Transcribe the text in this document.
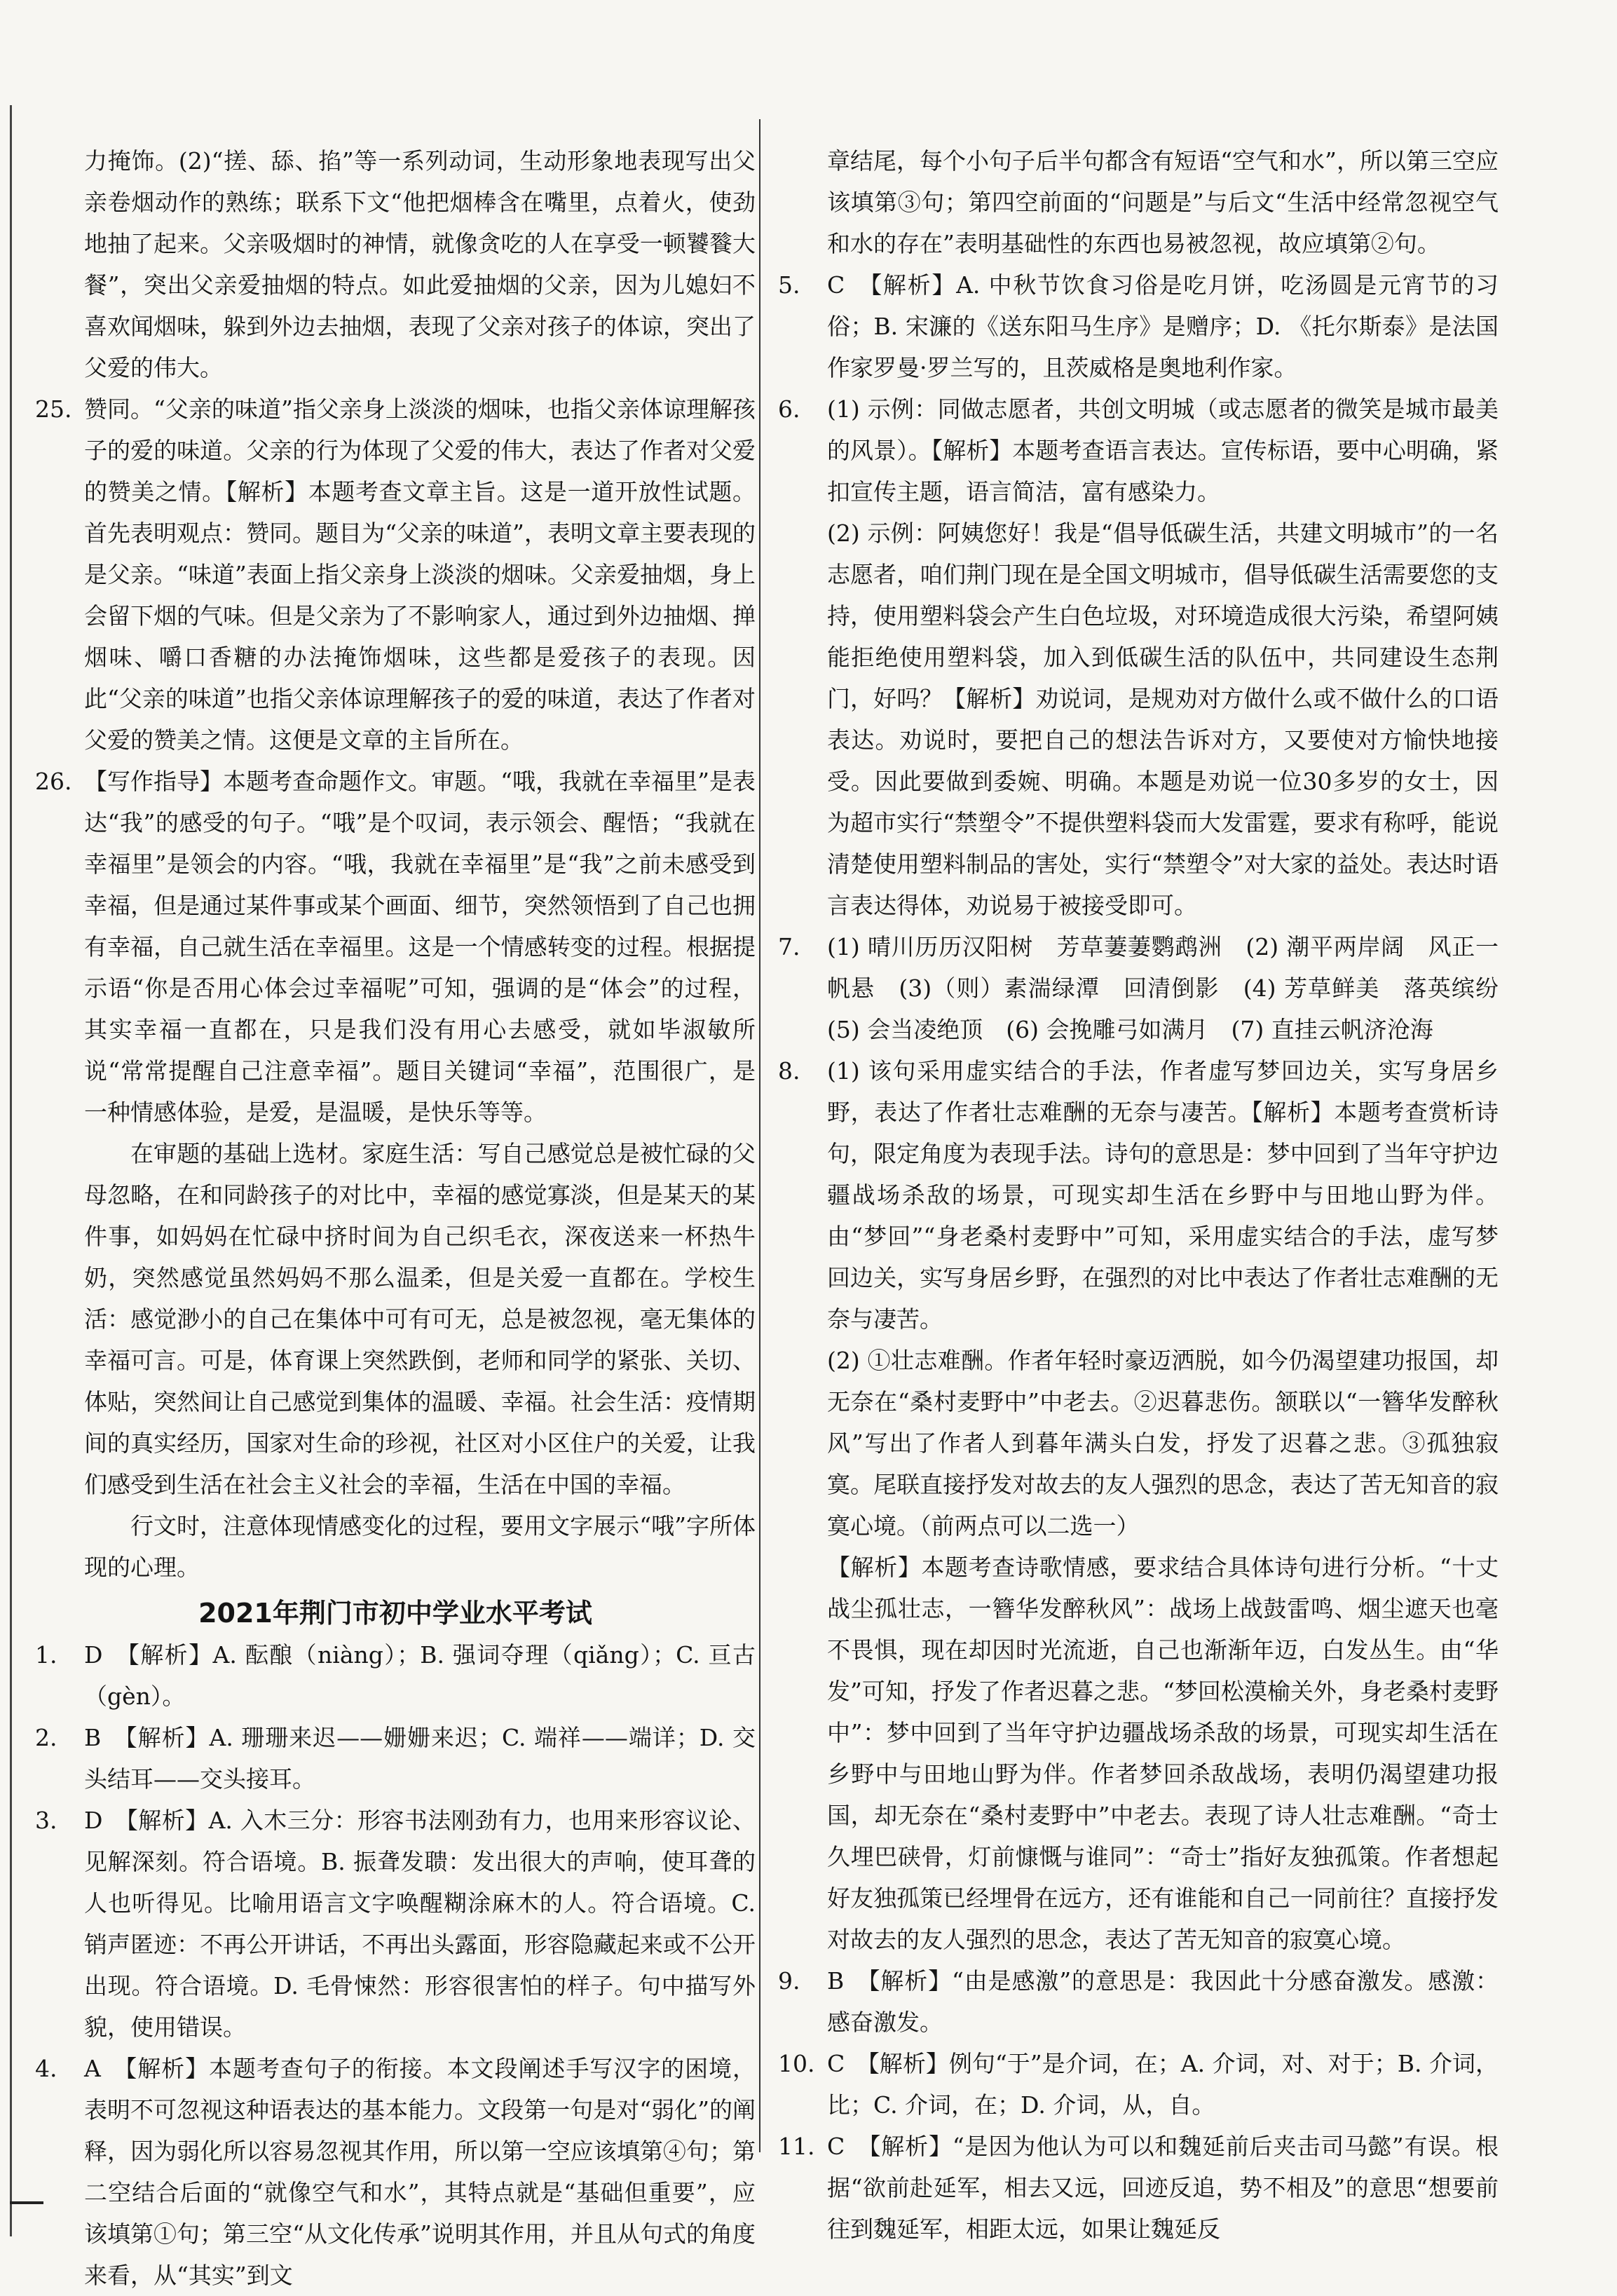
力掩饰。(2)“搓、舔、掐”等一系列动词，生动形象地表现写出父亲卷烟动作的熟练；联系下文“他把烟棒含在嘴里，点着火，使劲地抽了起来。父亲吸烟时的神情，就像贪吃的人在享受一顿饕餮大餐”，突出父亲爱抽烟的特点。如此爱抽烟的父亲，因为儿媳妇不喜欢闻烟味，躲到外边去抽烟，表现了父亲对孩子的体谅，突出了父爱的伟大。

25. 赞同。“父亲的味道”指父亲身上淡淡的烟味，也指父亲体谅理解孩子的爱的味道。父亲的行为体现了父爱的伟大，表达了作者对父爱的赞美之情。【解析】本题考查文章主旨。这是一道开放性试题。首先表明观点：赞同。题目为“父亲的味道”，表明文章主要表现的是父亲。“味道”表面上指父亲身上淡淡的烟味。父亲爱抽烟，身上会留下烟的气味。但是父亲为了不影响家人，通过到外边抽烟、掸烟味、嚼口香糖的办法掩饰烟味，这些都是爱孩子的表现。因此“父亲的味道”也指父亲体谅理解孩子的爱的味道，表达了作者对父爱的赞美之情。这便是文章的主旨所在。

26. 【写作指导】本题考查命题作文。审题。“哦，我就在幸福里”是表达“我”的感受的句子。“哦”是个叹词，表示领会、醒悟；“我就在幸福里”是领会的内容。“哦，我就在幸福里”是“我”之前未感受到幸福，但是通过某件事或某个画面、细节，突然领悟到了自己也拥有幸福，自己就生活在幸福里。这是一个情感转变的过程。根据提示语“你是否用心体会过幸福呢”可知，强调的是“体会”的过程，其实幸福一直都在，只是我们没有用心去感受，就如毕淑敏所说“常常提醒自己注意幸福”。题目关键词“幸福”，范围很广，是一种情感体验，是爱，是温暖，是快乐等等。

在审题的基础上选材。家庭生活：写自己感觉总是被忙碌的父母忽略，在和同龄孩子的对比中，幸福的感觉寡淡，但是某天的某件事，如妈妈在忙碌中挤时间为自己织毛衣，深夜送来一杯热牛奶，突然感觉虽然妈妈不那么温柔，但是关爱一直都在。学校生活：感觉渺小的自己在集体中可有可无，总是被忽视，毫无集体的幸福可言。可是，体育课上突然跌倒，老师和同学的紧张、关切、体贴，突然间让自己感觉到集体的温暖、幸福。社会生活：疫情期间的真实经历，国家对生命的珍视，社区对小区住户的关爱，让我们感受到生活在社会主义社会的幸福，生活在中国的幸福。

行文时，注意体现情感变化的过程，要用文字展示“哦”字所体现的心理。

2021年荆门市初中学业水平考试
1.	D　【解析】A. 酝酿（niàng）；B. 强词夺理（qiǎng）；C. 亘古（gèn）。

2.	B　【解析】A. 珊珊来迟——姗姗来迟；C. 端祥——端详；D. 交头结耳——交头接耳。

3.	D　【解析】A. 入木三分：形容书法刚劲有力，也用来形容议论、见解深刻。符合语境。B. 振聋发聩：发出很大的声响，使耳聋的人也听得见。比喻用语言文字唤醒糊涂麻木的人。符合语境。C. 销声匿迹：不再公开讲话，不再出头露面，形容隐藏起来或不公开出现。符合语境。D. 毛骨悚然：形容很害怕的样子。句中描写外貌，使用错误。

4.	A　【解析】本题考查句子的衔接。本文段阐述手写汉字的困境，表明不可忽视这种语表达的基本能力。文段第一句是对“弱化”的阐释，因为弱化所以容易忽视其作用，所以第一空应该填第④句；第二空结合后面的“就像空气和水”，其特点就是“基础但重要”，应该填第①句；第三空“从文化传承”说明其作用，并且从句式的角度来看，从“其实”到文

章结尾，每个小句子后半句都含有短语“空气和水”，所以第三空应该填第③句；第四空前面的“问题是”与后文“生活中经常忽视空气和水的存在”表明基础性的东西也易被忽视，故应填第②句。

5.	C　【解析】A. 中秋节饮食习俗是吃月饼，吃汤圆是元宵节的习俗；B. 宋濂的《送东阳马生序》是赠序；D. 《托尔斯泰》是法国作家罗曼·罗兰写的，且茨威格是奥地利作家。

6.	(1) 示例：同做志愿者，共创文明城（或志愿者的微笑是城市最美的风景）。【解析】本题考查语言表达。宣传标语，要中心明确，紧扣宣传主题，语言简洁，富有感染力。

(2) 示例：阿姨您好！我是“倡导低碳生活，共建文明城市”的一名志愿者，咱们荆门现在是全国文明城市，倡导低碳生活需要您的支持，使用塑料袋会产生白色垃圾，对环境造成很大污染，希望阿姨能拒绝使用塑料袋，加入到低碳生活的队伍中，共同建设生态荆门，好吗？【解析】劝说词，是规劝对方做什么或不做什么的口语表达。劝说时，要把自己的想法告诉对方，又要使对方愉快地接受。因此要做到委婉、明确。本题是劝说一位30多岁的女士，因为超市实行“禁塑令”不提供塑料袋而大发雷霆，要求有称呼，能说清楚使用塑料制品的害处，实行“禁塑令”对大家的益处。表达时语言表达得体，劝说易于被接受即可。

7.	(1) 晴川历历汉阳树　芳草萋萋鹦鹉洲　(2) 潮平两岸阔　风正一帆悬　(3)（则）素湍绿潭　回清倒影　(4) 芳草鲜美　落英缤纷　(5) 会当凌绝顶　(6) 会挽雕弓如满月　(7) 直挂云帆济沧海

8.	(1) 该句采用虚实结合的手法，作者虚写梦回边关，实写身居乡野，表达了作者壮志难酬的无奈与凄苦。【解析】本题考查赏析诗句，限定角度为表现手法。诗句的意思是：梦中回到了当年守护边疆战场杀敌的场景，可现实却生活在乡野中与田地山野为伴。由“梦回”“身老桑村麦野中”可知，采用虚实结合的手法，虚写梦回边关，实写身居乡野，在强烈的对比中表达了作者壮志难酬的无奈与凄苦。

(2) ①壮志难酬。作者年轻时豪迈洒脱，如今仍渴望建功报国，却无奈在“桑村麦野中”中老去。②迟暮悲伤。颔联以“一簪华发醉秋风”写出了作者人到暮年满头白发，抒发了迟暮之悲。③孤独寂寞。尾联直接抒发对故去的友人强烈的思念，表达了苦无知音的寂寞心境。（前两点可以二选一）

【解析】本题考查诗歌情感，要求结合具体诗句进行分析。“十丈战尘孤壮志，一簪华发醉秋风”：战场上战鼓雷鸣、烟尘遮天也毫不畏惧，现在却因时光流逝，自己也渐渐年迈，白发丛生。由“华发”可知，抒发了作者迟暮之悲。“梦回松漠榆关外，身老桑村麦野中”：梦中回到了当年守护边疆战场杀敌的场景，可现实却生活在乡野中与田地山野为伴。作者梦回杀敌战场，表明仍渴望建功报国，却无奈在“桑村麦野中”中老去。表现了诗人壮志难酬。“奇士久埋巴硖骨，灯前慷慨与谁同”：“奇士”指好友独孤策。作者想起好友独孤策已经埋骨在远方，还有谁能和自己一同前往？直接抒发对故去的友人强烈的思念，表达了苦无知音的寂寞心境。

9.	B　【解析】“由是感激”的意思是：我因此十分感奋激发。感激：感奋激发。

10. C　【解析】例句“于”是介词，在；A. 介词，对、对于；B. 介词，比；C. 介词，在；D. 介词，从，自。

11. C　【解析】“是因为他认为可以和魏延前后夹击司马懿”有误。根据“欲前赴延军，相去又远，回迹反追，势不相及”的意思“想要前往到魏延军，相距太远，如果让魏延反
